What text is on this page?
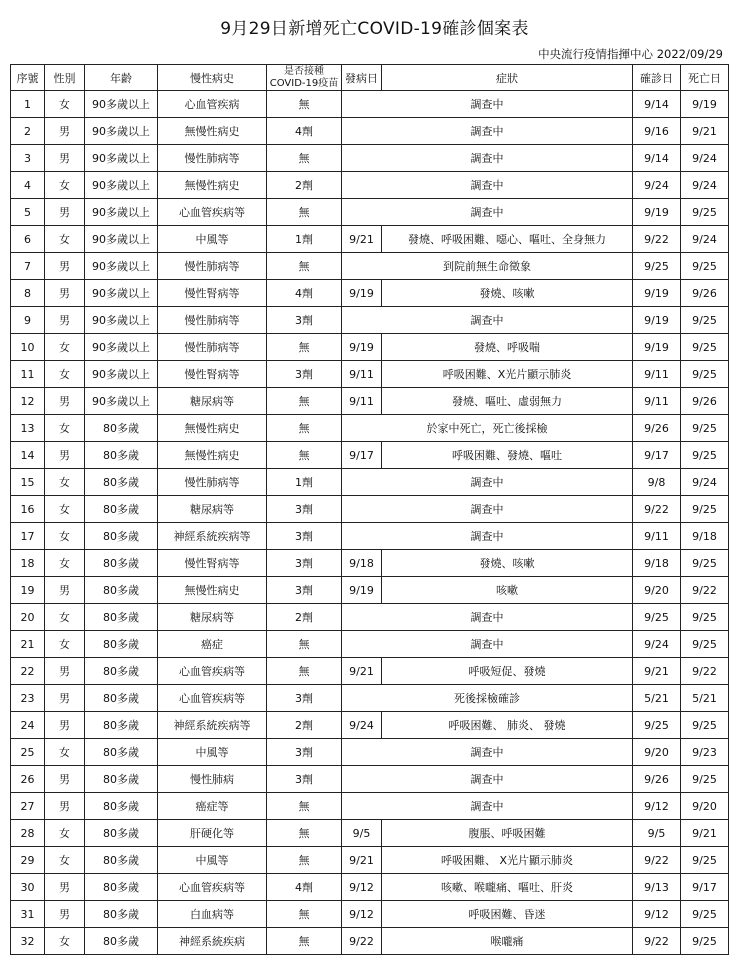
9月29日新增死亡COVID-19確診個案表
中央流行疫情指揮中心 2022/09/29
序號	性別	年齡	慢性病史	是否接種
COVID-19疫苗	發病日	症狀	確診日	死亡日
1	女	90多歲以上	心血管疾病	無	調查中		9/14	9/19
2	男	90多歲以上	無慢性病史	4劑	調查中		9/16	9/21
3	男	90多歲以上	慢性肺病等	無	調查中		9/14	9/24
4	女	90多歲以上	無慢性病史	2劑	調查中		9/24	9/24
5	男	90多歲以上	心血管疾病等	無	調查中		9/19	9/25
6	女	90多歲以上	中風等	1劑	9/21	發燒、呼吸困難、噁心、嘔吐、全身無力	9/22	9/24
7	男	90多歲以上	慢性肺病等	無	到院前無生命徵象		9/25	9/25
8	男	90多歲以上	慢性腎病等	4劑	9/19	發燒、咳嗽	9/19	9/26
9	男	90多歲以上	慢性肺病等	3劑	調查中		9/19	9/25
10	女	90多歲以上	慢性肺病等	無	9/19	發燒、呼吸喘	9/19	9/25
11	女	90多歲以上	慢性腎病等	3劑	9/11	呼吸困難、X光片顯示肺炎	9/11	9/25
12	男	90多歲以上	糖尿病等	無	9/11	發燒、嘔吐、虛弱無力	9/11	9/26
13	女	80多歲	無慢性病史	無	於家中死亡，死亡後採檢		9/26	9/25
14	男	80多歲	無慢性病史	無	9/17	呼吸困難、發燒、嘔吐	9/17	9/25
15	女	80多歲	慢性肺病等	1劑	調查中		9/8	9/24
16	女	80多歲	糖尿病等	3劑	調查中		9/22	9/25
17	女	80多歲	神經系統疾病等	3劑	調查中		9/11	9/18
18	女	80多歲	慢性腎病等	3劑	9/18	發燒、咳嗽	9/18	9/25
19	男	80多歲	無慢性病史	3劑	9/19	咳嗽	9/20	9/22
20	女	80多歲	糖尿病等	2劑	調查中		9/25	9/25
21	女	80多歲	癌症	無	調查中		9/24	9/25
22	男	80多歲	心血管疾病等	無	9/21	呼吸短促、發燒	9/21	9/22
23	男	80多歲	心血管疾病等	3劑	死後採檢確診		5/21	5/21
24	男	80多歲	神經系統疾病等	2劑	9/24	呼吸困難、 肺炎、 發燒	9/25	9/25
25	女	80多歲	中風等	3劑	調查中		9/20	9/23
26	男	80多歲	慢性肺病	3劑	調查中		9/26	9/25
27	男	80多歲	癌症等	無	調查中		9/12	9/20
28	女	80多歲	肝硬化等	無	9/5	腹脹、呼吸困難	9/5	9/21
29	女	80多歲	中風等	無	9/21	呼吸困難、 X光片顯示肺炎	9/22	9/25
30	男	80多歲	心血管疾病等	4劑	9/12	咳嗽、喉嚨痛、嘔吐、肝炎	9/13	9/17
31	男	80多歲	白血病等	無	9/12	呼吸困難、昏迷	9/12	9/25
32	女	80多歲	神經系統疾病	無	9/22	喉嚨痛	9/22	9/25
